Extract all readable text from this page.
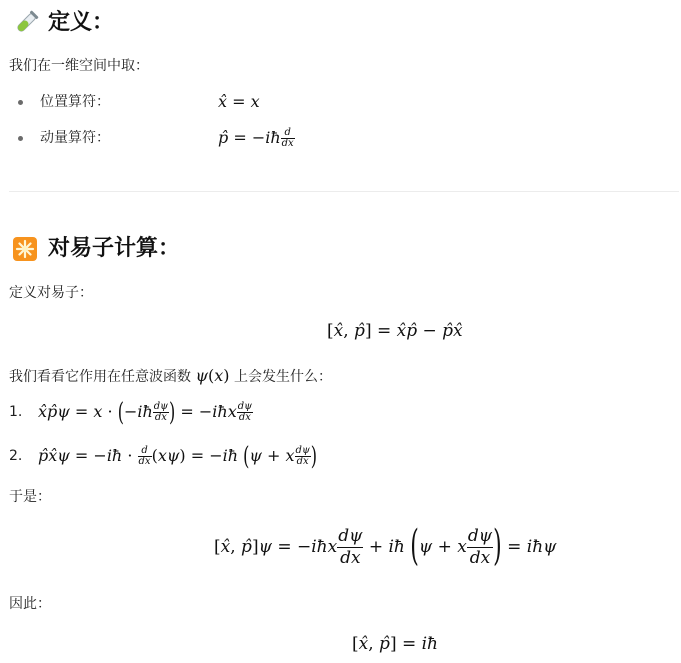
定义：
我们在一维空间中取：
位置算符：	x̂ = x
动量算符：	p̂ = −iħ $\frac{d}{dx}$
对易子计算：
定义对易子：
[x̂, p̂] = x̂p̂ − p̂x̂
我们看看它作用在任意波函数 ψ(x) 上会发生什么：
1. x̂p̂ψ = x · (−iħ $\frac{d\psi}{dx}$ ) = −iħx $\frac{d\psi}{dx}$
2. p̂x̂ψ = −iħ · $\frac{d}{dx} (x\psi)$ = −iħ (ψ + x $\frac{d\psi}{dx}$ )
于是：
[x̂, p̂]ψ = −iħx $\frac{d\psi}{dx}$ + iħ (ψ + x $\frac{d\psi}{dx}$ ) = iħψ
因此：
[x̂, p̂] = iħ
